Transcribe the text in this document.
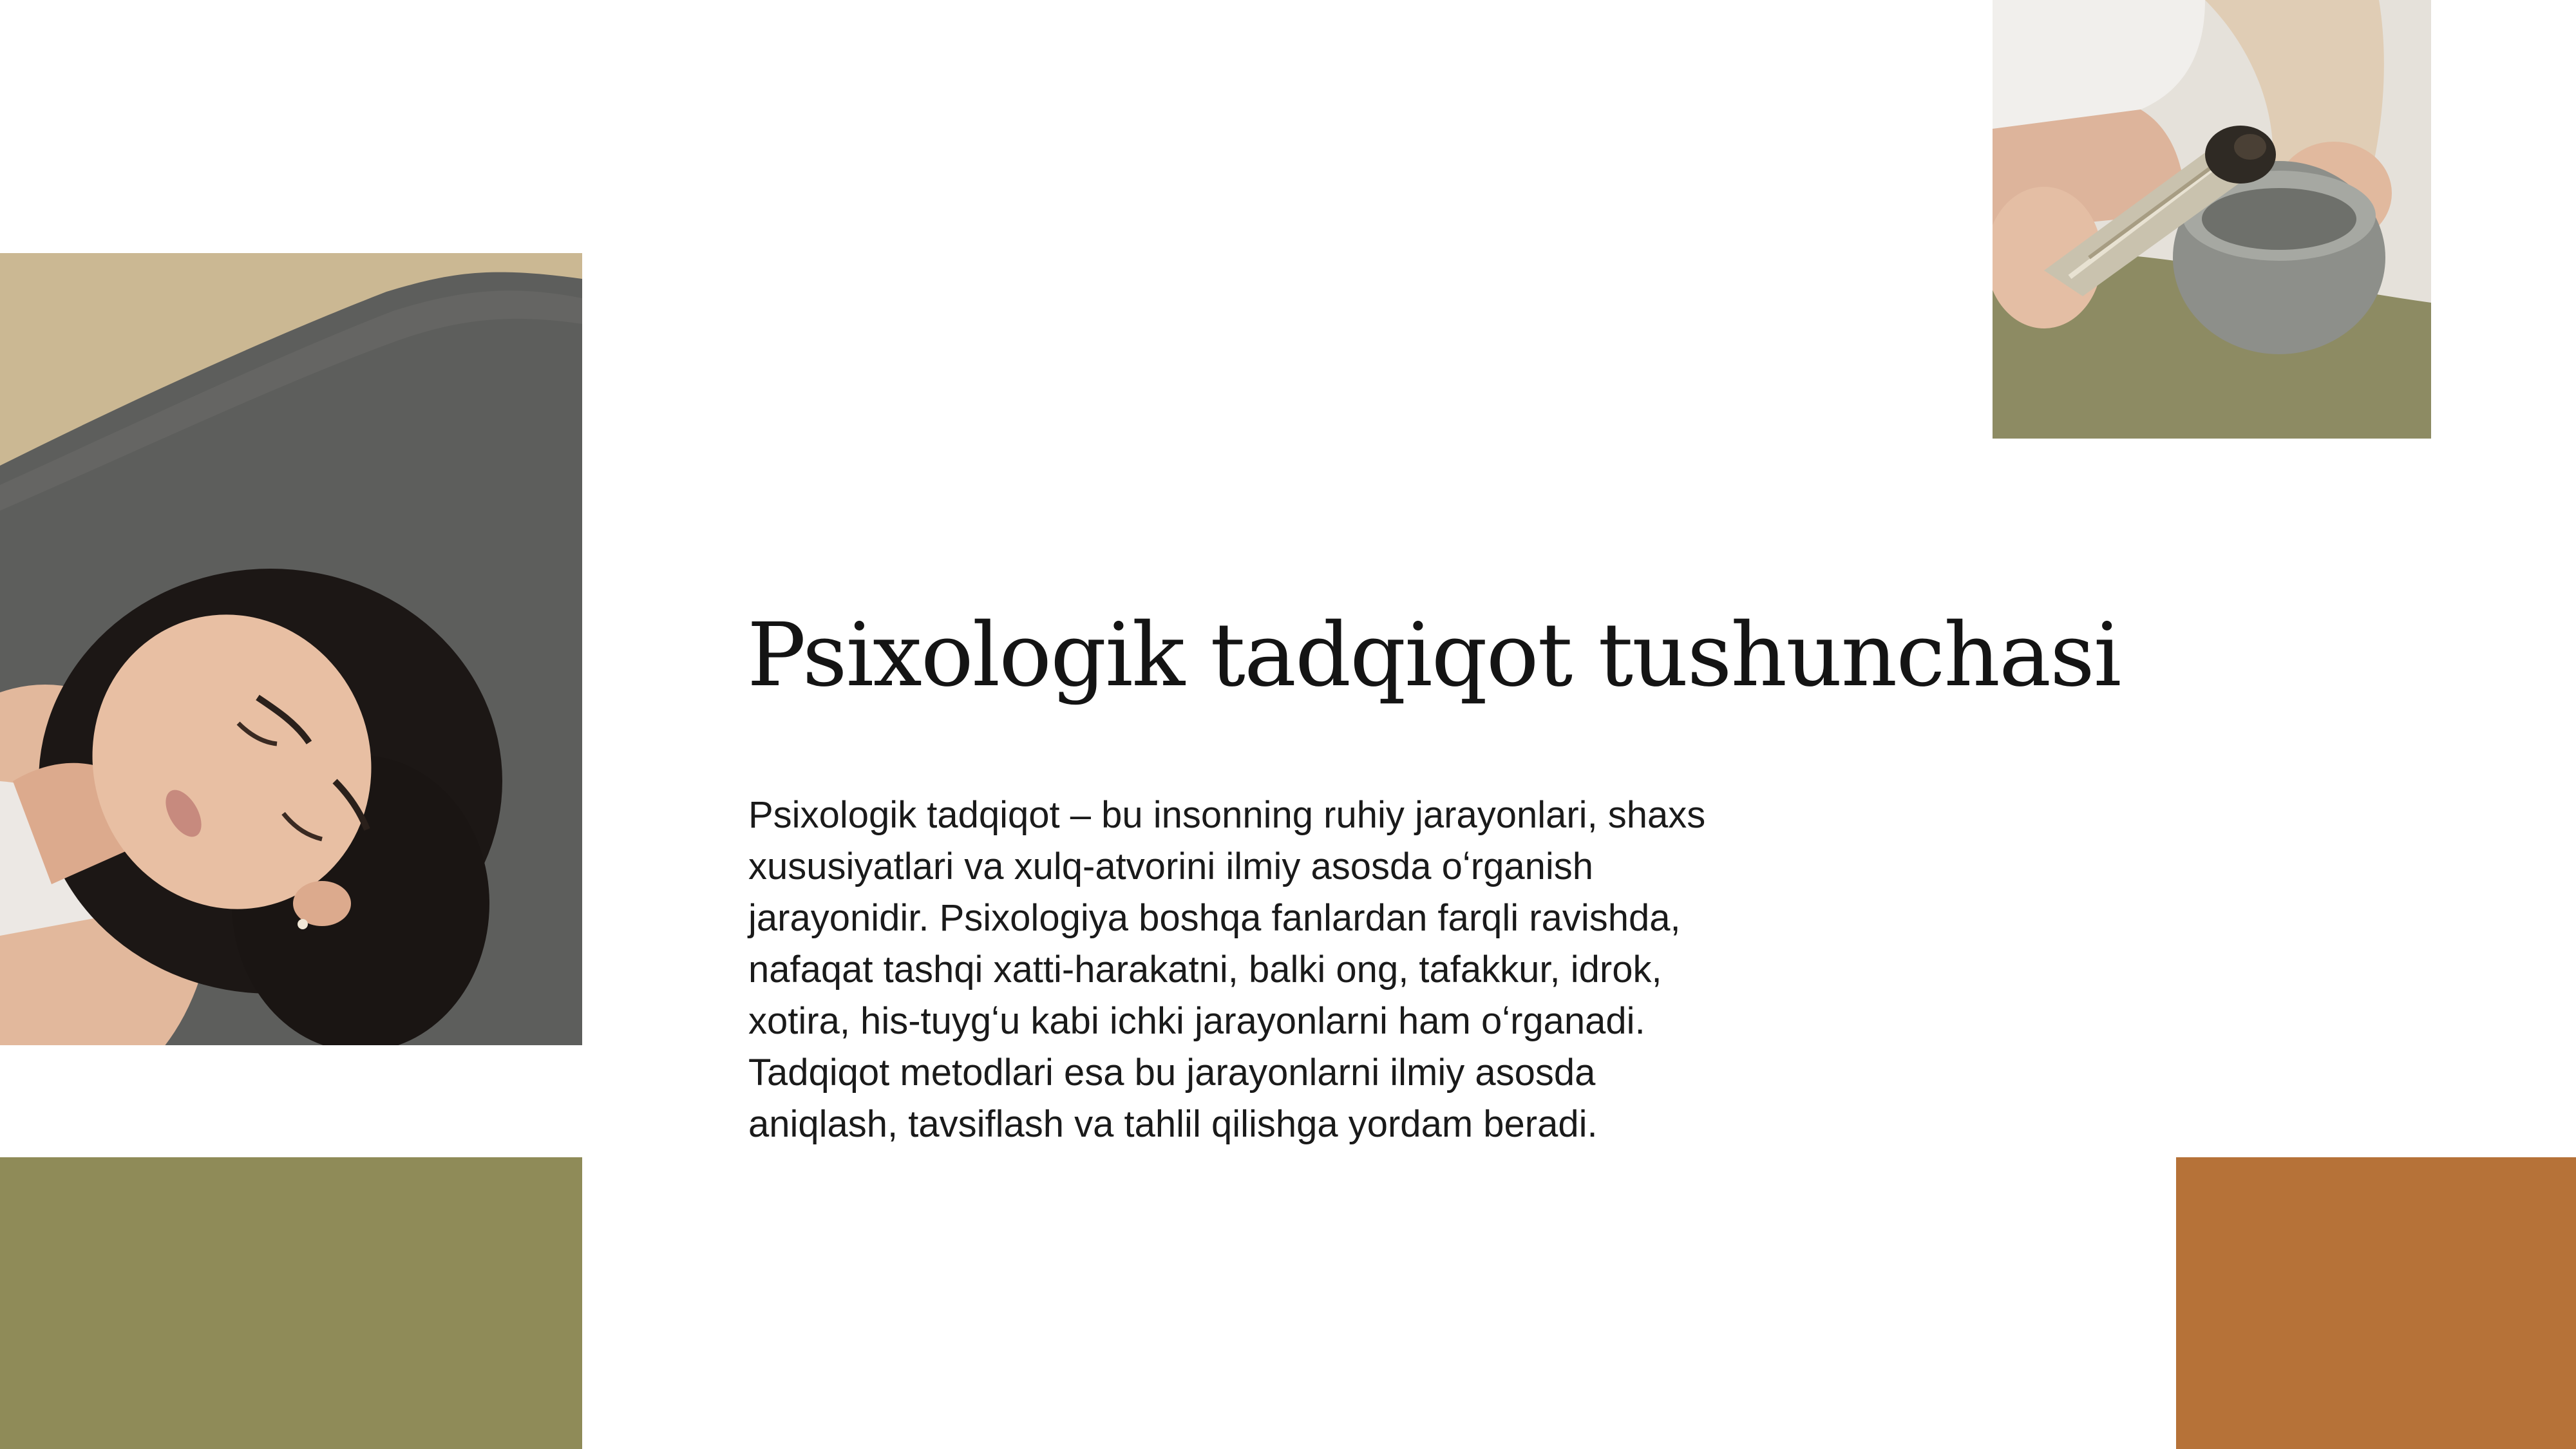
Psixologik tadqiqot tushunchasi

Psixologik tadqiqot – bu insonning ruhiy jarayonlari, shaxs xususiyatlari va xulq-atvorini ilmiy asosda oʻrganish jarayonidir. Psixologiya boshqa fanlardan farqli ravishda, nafaqat tashqi xatti-harakatni, balki ong, tafakkur, idrok, xotira, his-tuygʻu kabi ichki jarayonlarni ham oʻrganadi. Tadqiqot metodlari esa bu jarayonlarni ilmiy asosda aniqlash, tavsiflash va tahlil qilishga yordam beradi.
